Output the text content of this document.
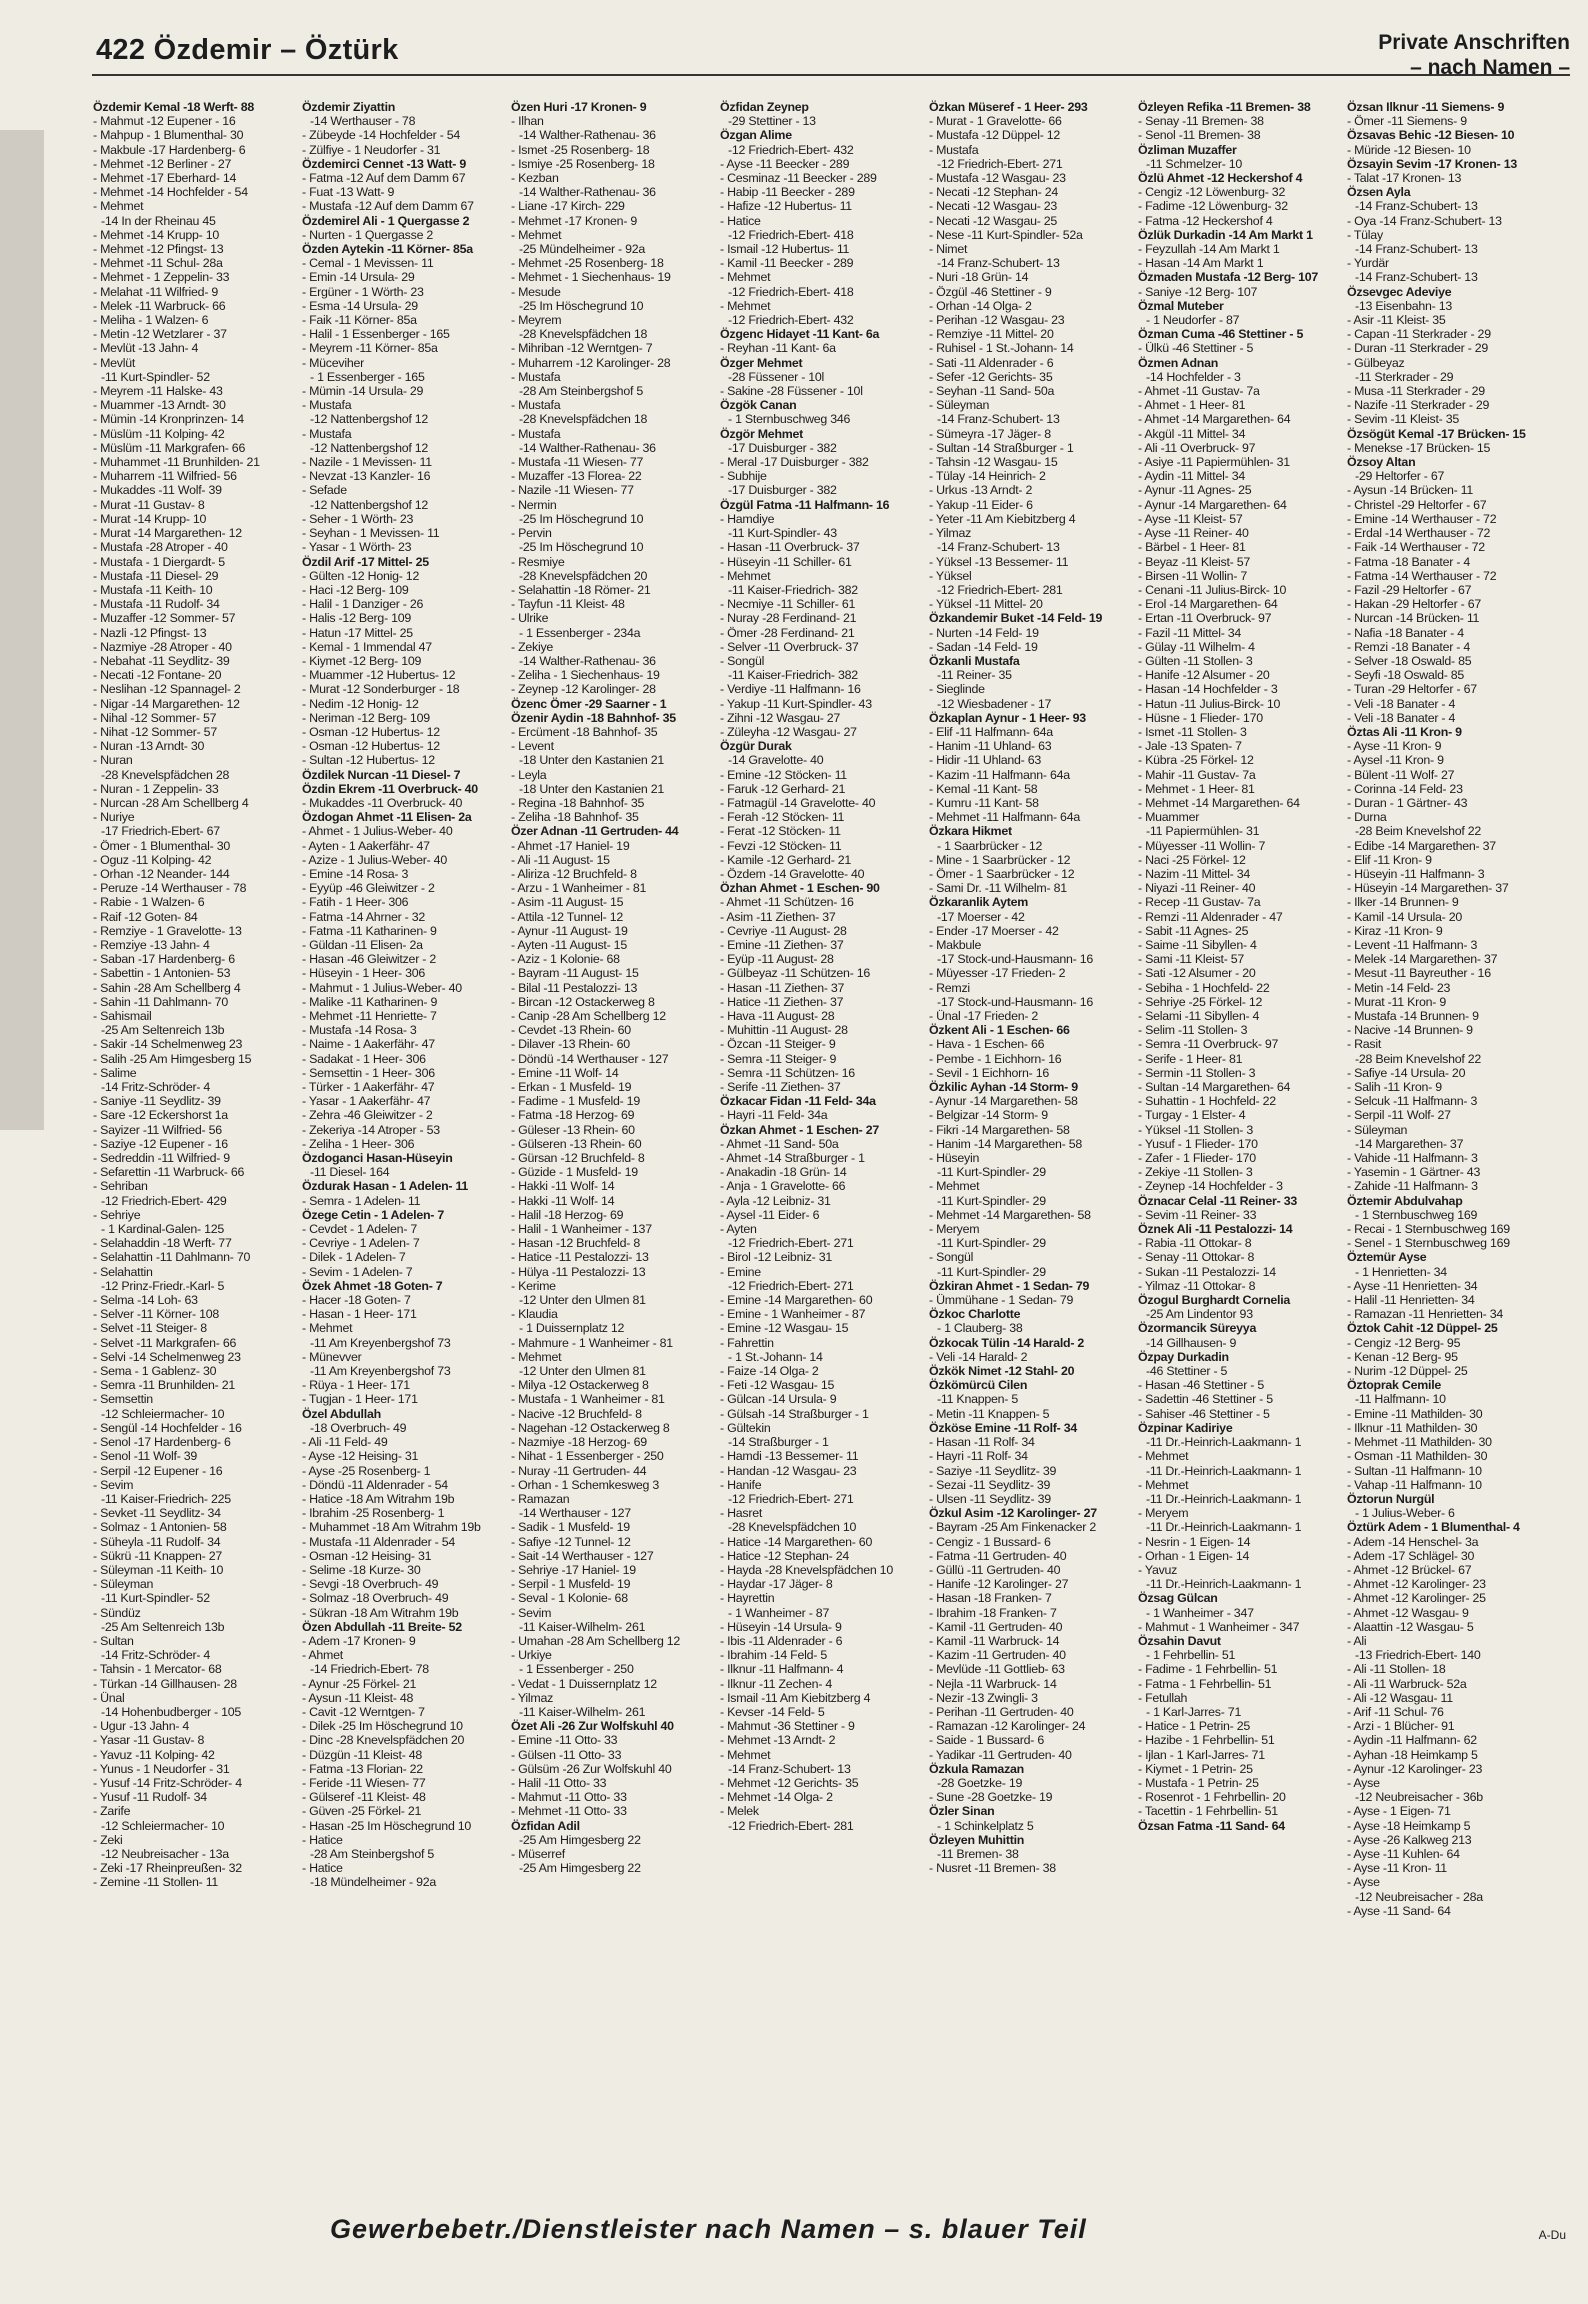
422 Özdemir – Öztürk	Private Anschriften
– nach Namen –
Özdemir Kemal -18 Werft- 88
- Mahmut -12 Eupener - 16
- Mahpup - 1 Blumenthal- 30
- Makbule -17 Hardenberg- 6
- Mehmet -12 Berliner - 27
- Mehmet -17 Eberhard- 14
- Mehmet -14 Hochfelder - 54
- Mehmet
-14 In der Rheinau 45
- Mehmet -14 Krupp- 10
- Mehmet -12 Pfingst- 13
- Mehmet -11 Schul- 28a
- Mehmet - 1 Zeppelin- 33
- Melahat -11 Wilfried- 9
- Melek -11 Warbruck- 66
- Meliha - 1 Walzen- 6
- Metin -12 Wetzlarer - 37
- Mevlüt -13 Jahn- 4
- Mevlüt
-11 Kurt-Spindler- 52
- Meyrem -11 Halske- 43
- Muammer -13 Arndt- 30
- Mümin -14 Kronprinzen- 14
- Müslüm -11 Kolping- 42
- Müslüm -11 Markgrafen- 66
- Muhammet -11 Brunhilden- 21
- Muharrem -11 Wilfried- 56
- Mukaddes -11 Wolf- 39
- Murat -11 Gustav- 8
- Murat -14 Krupp- 10
- Murat -14 Margarethen- 12
- Mustafa -28 Atroper - 40
- Mustafa - 1 Diergardt- 5
- Mustafa -11 Diesel- 29
- Mustafa -11 Keith- 10
- Mustafa -11 Rudolf- 34
- Muzaffer -12 Sommer- 57
- Nazli -12 Pfingst- 13
- Nazmiye -28 Atroper - 40
- Nebahat -11 Seydlitz- 39
- Necati -12 Fontane- 20
- Neslihan -12 Spannagel- 2
- Nigar -14 Margarethen- 12
- Nihal -12 Sommer- 57
- Nihat -12 Sommer- 57
- Nuran -13 Arndt- 30
- Nuran
-28 Knevelspfädchen 28
- Nuran - 1 Zeppelin- 33
- Nurcan -28 Am Schellberg 4
- Nuriye
-17 Friedrich-Ebert- 67
- Ömer - 1 Blumenthal- 30
- Oguz -11 Kolping- 42
- Orhan -12 Neander- 144
- Peruze -14 Werthauser - 78
- Rabie - 1 Walzen- 6
- Raif -12 Goten- 84
- Remziye - 1 Gravelotte- 13
- Remziye -13 Jahn- 4
- Saban -17 Hardenberg- 6
- Sabettin - 1 Antonien- 53
- Sahin -28 Am Schellberg 4
- Sahin -11 Dahlmann- 70
- Sahismail
-25 Am Seltenreich 13b
- Sakir -14 Schelmenweg 23
- Salih -25 Am Himgesberg 15
- Salime
-14 Fritz-Schröder- 4
- Saniye -11 Seydlitz- 39
- Sare -12 Eckershorst 1a
- Sayizer -11 Wilfried- 56
- Saziye -12 Eupener - 16
- Sedreddin -11 Wilfried- 9
- Sefarettin -11 Warbruck- 66
- Sehriban
-12 Friedrich-Ebert- 429
- Sehriye
- 1 Kardinal-Galen- 125
- Selahaddin -18 Werft- 77
- Selahattin -11 Dahlmann- 70
- Selahattin
-12 Prinz-Friedr.-Karl- 5
- Selma -14 Loh- 63
- Selver -11 Körner- 108
- Selvet -11 Steiger- 8
- Selvet -11 Markgrafen- 66
- Selvi -14 Schelmenweg 23
- Sema - 1 Gablenz- 30
- Semra -11 Brunhilden- 21
- Semsettin
-12 Schleiermacher- 10
- Sengül -14 Hochfelder - 16
- Senol -17 Hardenberg- 6
- Senol -11 Wolf- 39
- Serpil -12 Eupener - 16
- Sevim
-11 Kaiser-Friedrich- 225
- Sevket -11 Seydlitz- 34
- Solmaz - 1 Antonien- 58
- Süheyla -11 Rudolf- 34
- Sükrü -11 Knappen- 27
- Süleyman -11 Keith- 10
- Süleyman
-11 Kurt-Spindler- 52
- Sündüz
-25 Am Seltenreich 13b
- Sultan
-14 Fritz-Schröder- 4
- Tahsin - 1 Mercator- 68
- Türkan -14 Gillhausen- 28
- Ünal
-14 Hohenbudberger - 105
- Ugur -13 Jahn- 4
- Yasar -11 Gustav- 8
- Yavuz -11 Kolping- 42
- Yunus - 1 Neudorfer - 31
- Yusuf -14 Fritz-Schröder- 4
- Yusuf -11 Rudolf- 34
- Zarife
-12 Schleiermacher- 10
- Zeki
-12 Neubreisacher - 13a
- Zeki -17 Rheinpreußen- 32
- Zemine -11 Stollen- 11
Özdemir Ziyattin
-14 Werthauser - 78
- Zübeyde -14 Hochfelder - 54
- Zülfiye - 1 Neudorfer - 31
Özdemirci Cennet -13 Watt- 9
- Fatma -12 Auf dem Damm 67
- Fuat -13 Watt- 9
- Mustafa -12 Auf dem Damm 67
Özdemirel Ali - 1 Quergasse 2
- Nurten - 1 Quergasse 2
Özden Aytekin -11 Körner- 85a
- Cemal - 1 Mevissen- 11
- Emin -14 Ursula- 29
- Ergüner - 1 Wörth- 23
- Esma -14 Ursula- 29
- Faik -11 Körner- 85a
- Halil - 1 Essenberger - 165
- Meyrem -11 Körner- 85a
- Müceviher
- 1 Essenberger - 165
- Mümin -14 Ursula- 29
- Mustafa
-12 Nattenbergshof 12
- Mustafa
-12 Nattenbergshof 12
- Nazile - 1 Mevissen- 11
- Nevzat -13 Kanzler- 16
- Sefade
-12 Nattenbergshof 12
- Seher - 1 Wörth- 23
- Seyhan - 1 Mevissen- 11
- Yasar - 1 Wörth- 23
Özdil Arif -17 Mittel- 25
- Gülten -12 Honig- 12
- Haci -12 Berg- 109
- Halil - 1 Danziger - 26
- Halis -12 Berg- 109
- Hatun -17 Mittel- 25
- Kemal - 1 Immendal 47
- Kiymet -12 Berg- 109
- Muammer -12 Hubertus- 12
- Murat -12 Sonderburger - 18
- Nedim -12 Honig- 12
- Neriman -12 Berg- 109
- Osman -12 Hubertus- 12
- Osman -12 Hubertus- 12
- Sultan -12 Hubertus- 12
Özdilek Nurcan -11 Diesel- 7
Özdin Ekrem -11 Overbruck- 40
- Mukaddes -11 Overbruck- 40
Özdogan Ahmet -11 Elisen- 2a
- Ahmet - 1 Julius-Weber- 40
- Ayten - 1 Aakerfähr- 47
- Azize - 1 Julius-Weber- 40
- Emine -14 Rosa- 3
- Eyyüp -46 Gleiwitzer - 2
- Fatih - 1 Heer- 306
- Fatma -14 Ahrner - 32
- Fatma -11 Katharinen- 9
- Güldan -11 Elisen- 2a
- Hasan -46 Gleiwitzer - 2
- Hüseyin - 1 Heer- 306
- Mahmut - 1 Julius-Weber- 40
- Malike -11 Katharinen- 9
- Mehmet -11 Henriette- 7
- Mustafa -14 Rosa- 3
- Naime - 1 Aakerfähr- 47
- Sadakat - 1 Heer- 306
- Semsettin - 1 Heer- 306
- Türker - 1 Aakerfähr- 47
- Yasar - 1 Aakerfähr- 47
- Zehra -46 Gleiwitzer - 2
- Zekeriya -14 Atroper - 53
- Zeliha - 1 Heer- 306
Özdoganci Hasan-Hüseyin
-11 Diesel- 164
Özdurak Hasan - 1 Adelen- 11
- Semra - 1 Adelen- 11
Özege Cetin - 1 Adelen- 7
- Cevdet - 1 Adelen- 7
- Cevriye - 1 Adelen- 7
- Dilek - 1 Adelen- 7
- Sevim - 1 Adelen- 7
Özek Ahmet -18 Goten- 7
- Hacer -18 Goten- 7
- Hasan - 1 Heer- 171
- Mehmet
-11 Am Kreyenbergshof 73
- Münevver
-11 Am Kreyenbergshof 73
- Rüya - 1 Heer- 171
- Tugjan - 1 Heer- 171
Özel Abdullah
-18 Overbruch- 49
- Ali -11 Feld- 49
- Ayse -12 Heising- 31
- Ayse -25 Rosenberg- 1
- Döndü -11 Aldenrader - 54
- Hatice -18 Am Witrahm 19b
- Ibrahim -25 Rosenberg- 1
- Muhammet -18 Am Witrahm 19b
- Mustafa -11 Aldenrader - 54
- Osman -12 Heising- 31
- Selime -18 Kurze- 30
- Sevgi -18 Overbruch- 49
- Solmaz -18 Overbruch- 49
- Sükran -18 Am Witrahm 19b
Özen Abdullah -11 Breite- 52
- Adem -17 Kronen- 9
- Ahmet
-14 Friedrich-Ebert- 78
- Aynur -25 Förkel- 21
- Aysun -11 Kleist- 48
- Cavit -12 Werntgen- 7
- Dilek -25 Im Höschegrund 10
- Dinc -28 Knevelspfädchen 20
- Düzgün -11 Kleist- 48
- Fatma -13 Florian- 22
- Feride -11 Wiesen- 77
- Gülseref -11 Kleist- 48
- Güven -25 Förkel- 21
- Hasan -25 Im Höschegrund 10
- Hatice
-28 Am Steinbergshof 5
- Hatice
-18 Mündelheimer - 92a
Özen Huri -17 Kronen- 9
- Ilhan
-14 Walther-Rathenau- 36
- Ismet -25 Rosenberg- 18
- Ismiye -25 Rosenberg- 18
- Kezban
-14 Walther-Rathenau- 36
- Liane -17 Kirch- 229
- Mehmet -17 Kronen- 9
- Mehmet
-25 Mündelheimer - 92a
- Mehmet -25 Rosenberg- 18
- Mehmet - 1 Siechenhaus- 19
- Mesude
-25 Im Höschegrund 10
- Meyrem
-28 Knevelspfädchen 18
- Mihriban -12 Werntgen- 7
- Muharrem -12 Karolinger- 28
- Mustafa
-28 Am Steinbergshof 5
- Mustafa
-28 Knevelspfädchen 18
- Mustafa
-14 Walther-Rathenau- 36
- Mustafa -11 Wiesen- 77
- Muzaffer -13 Florea- 22
- Nazile -11 Wiesen- 77
- Nermin
-25 Im Höschegrund 10
- Pervin
-25 Im Höschegrund 10
- Resmiye
-28 Knevelspfädchen 20
- Selahattin -18 Römer- 21
- Tayfun -11 Kleist- 48
- Ulrike
- 1 Essenberger - 234a
- Zekiye
-14 Walther-Rathenau- 36
- Zeliha - 1 Siechenhaus- 19
- Zeynep -12 Karolinger- 28
Özenc Ömer -29 Saarner - 1
Özenir Aydin -18 Bahnhof- 35
- Ercüment -18 Bahnhof- 35
- Levent
-18 Unter den Kastanien 21
- Leyla
-18 Unter den Kastanien 21
- Regina -18 Bahnhof- 35
- Zeliha -18 Bahnhof- 35
Özer Adnan -11 Gertruden- 44
- Ahmet -17 Haniel- 19
- Ali -11 August- 15
- Aliriza -12 Bruchfeld- 8
- Arzu - 1 Wanheimer - 81
- Asim -11 August- 15
- Attila -12 Tunnel- 12
- Aynur -11 August- 19
- Ayten -11 August- 15
- Aziz - 1 Kolonie- 68
- Bayram -11 August- 15
- Bilal -11 Pestalozzi- 13
- Bircan -12 Ostackerweg 8
- Canip -28 Am Schellberg 12
- Cevdet -13 Rhein- 60
- Dilaver -13 Rhein- 60
- Döndü -14 Werthauser - 127
- Emine -11 Wolf- 14
- Erkan - 1 Musfeld- 19
- Fadime - 1 Musfeld- 19
- Fatma -18 Herzog- 69
- Güleser -13 Rhein- 60
- Gülseren -13 Rhein- 60
- Gürsan -12 Bruchfeld- 8
- Güzide - 1 Musfeld- 19
- Hakki -11 Wolf- 14
- Hakki -11 Wolf- 14
- Halil -18 Herzog- 69
- Halil - 1 Wanheimer - 137
- Hasan -12 Bruchfeld- 8
- Hatice -11 Pestalozzi- 13
- Hülya -11 Pestalozzi- 13
- Kerime
-12 Unter den Ulmen 81
- Klaudia
- 1 Duissernplatz 12
- Mahmure - 1 Wanheimer - 81
- Mehmet
-12 Unter den Ulmen 81
- Milya -12 Ostackerweg 8
- Mustafa - 1 Wanheimer - 81
- Nacive -12 Bruchfeld- 8
- Nagehan -12 Ostackerweg 8
- Nazmiye -18 Herzog- 69
- Nihat - 1 Essenberger - 250
- Nuray -11 Gertruden- 44
- Orhan - 1 Schemkesweg 3
- Ramazan
-14 Werthauser - 127
- Sadik - 1 Musfeld- 19
- Safiye -12 Tunnel- 12
- Sait -14 Werthauser - 127
- Sehriye -17 Haniel- 19
- Serpil - 1 Musfeld- 19
- Seval - 1 Kolonie- 68
- Sevim
-11 Kaiser-Wilhelm- 261
- Umahan -28 Am Schellberg 12
- Urkiye
- 1 Essenberger - 250
- Vedat - 1 Duissernplatz 12
- Yilmaz
-11 Kaiser-Wilhelm- 261
Özet Ali -26 Zur Wolfskuhl 40
- Emine -11 Otto- 33
- Gülsen -11 Otto- 33
- Gülsüm -26 Zur Wolfskuhl 40
- Halil -11 Otto- 33
- Mahmut -11 Otto- 33
- Mehmet -11 Otto- 33
Özfidan Adil
-25 Am Himgesberg 22
- Müserref
-25 Am Himgesberg 22
Özfidan Zeynep
-29 Stettiner - 13
Özgan Alime
-12 Friedrich-Ebert- 432
- Ayse -11 Beecker - 289
- Cesminaz -11 Beecker - 289
- Habip -11 Beecker - 289
- Hafize -12 Hubertus- 11
- Hatice
-12 Friedrich-Ebert- 418
- Ismail -12 Hubertus- 11
- Kamil -11 Beecker - 289
- Mehmet
-12 Friedrich-Ebert- 418
- Mehmet
-12 Friedrich-Ebert- 432
Özgenc Hidayet -11 Kant- 6a
- Reyhan -11 Kant- 6a
Özger Mehmet
-28 Füssener - 10l
- Sakine -28 Füssener - 10l
Özgök Canan
- 1 Sternbuschweg 346
Özgör Mehmet
-17 Duisburger - 382
- Meral -17 Duisburger - 382
- Subhije
-17 Duisburger - 382
Özgül Fatma -11 Halfmann- 16
- Hamdiye
-11 Kurt-Spindler- 43
- Hasan -11 Overbruck- 37
- Hüseyin -11 Schiller- 61
- Mehmet
-11 Kaiser-Friedrich- 382
- Necmiye -11 Schiller- 61
- Nuray -28 Ferdinand- 21
- Ömer -28 Ferdinand- 21
- Selver -11 Overbruck- 37
- Songül
-11 Kaiser-Friedrich- 382
- Verdiye -11 Halfmann- 16
- Yakup -11 Kurt-Spindler- 43
- Zihni -12 Wasgau- 27
- Züleyha -12 Wasgau- 27
Özgür Durak
-14 Gravelotte- 40
- Emine -12 Stöcken- 11
- Faruk -12 Gerhard- 21
- Fatmagül -14 Gravelotte- 40
- Ferah -12 Stöcken- 11
- Ferat -12 Stöcken- 11
- Fevzi -12 Stöcken- 11
- Kamile -12 Gerhard- 21
- Özdem -14 Gravelotte- 40
Özhan Ahmet - 1 Eschen- 90
- Ahmet -11 Schützen- 16
- Asim -11 Ziethen- 37
- Cevriye -11 August- 28
- Emine -11 Ziethen- 37
- Eyüp -11 August- 28
- Gülbeyaz -11 Schützen- 16
- Hasan -11 Ziethen- 37
- Hatice -11 Ziethen- 37
- Hava -11 August- 28
- Muhittin -11 August- 28
- Özcan -11 Steiger- 9
- Semra -11 Steiger- 9
- Semra -11 Schützen- 16
- Serife -11 Ziethen- 37
Özkacar Fidan -11 Feld- 34a
- Hayri -11 Feld- 34a
Özkan Ahmet - 1 Eschen- 27
- Ahmet -11 Sand- 50a
- Ahmet -14 Straßburger - 1
- Anakadin -18 Grün- 14
- Anja - 1 Gravelotte- 66
- Ayla -12 Leibniz- 31
- Aysel -11 Eider- 6
- Ayten
-12 Friedrich-Ebert- 271
- Birol -12 Leibniz- 31
- Emine
-12 Friedrich-Ebert- 271
- Emine -14 Margarethen- 60
- Emine - 1 Wanheimer - 87
- Emine -12 Wasgau- 15
- Fahrettin
- 1 St.-Johann- 14
- Faize -14 Olga- 2
- Feti -12 Wasgau- 15
- Gülcan -14 Ursula- 9
- Gülsah -14 Straßburger - 1
- Gültekin
-14 Straßburger - 1
- Hamdi -13 Bessemer- 11
- Handan -12 Wasgau- 23
- Hanife
-12 Friedrich-Ebert- 271
- Hasret
-28 Knevelspfädchen 10
- Hatice -14 Margarethen- 60
- Hatice -12 Stephan- 24
- Hayda -28 Knevelspfädchen 10
- Haydar -17 Jäger- 8
- Hayrettin
- 1 Wanheimer - 87
- Hüseyin -14 Ursula- 9
- Ibis -11 Aldenrader - 6
- Ibrahim -14 Feld- 5
- Ilknur -11 Halfmann- 4
- Ilknur -11 Zechen- 4
- Ismail -11 Am Kiebitzberg 4
- Kevser -14 Feld- 5
- Mahmut -36 Stettiner - 9
- Mehmet -13 Arndt- 2
- Mehmet
-14 Franz-Schubert- 13
- Mehmet -12 Gerichts- 35
- Mehmet -14 Olga- 2
- Melek
-12 Friedrich-Ebert- 281
Özkan Müseref - 1 Heer- 293
- Murat - 1 Gravelotte- 66
- Mustafa -12 Düppel- 12
- Mustafa
-12 Friedrich-Ebert- 271
- Mustafa -12 Wasgau- 23
- Necati -12 Stephan- 24
- Necati -12 Wasgau- 23
- Necati -12 Wasgau- 25
- Nese -11 Kurt-Spindler- 52a
- Nimet
-14 Franz-Schubert- 13
- Nuri -18 Grün- 14
- Özgül -46 Stettiner - 9
- Orhan -14 Olga- 2
- Perihan -12 Wasgau- 23
- Remziye -11 Mittel- 20
- Ruhisel - 1 St.-Johann- 14
- Sati -11 Aldenrader - 6
- Sefer -12 Gerichts- 35
- Seyhan -11 Sand- 50a
- Süleyman
-14 Franz-Schubert- 13
- Sümeyra -17 Jäger- 8
- Sultan -14 Straßburger - 1
- Tahsin -12 Wasgau- 15
- Tülay -14 Heinrich- 2
- Urkus -13 Arndt- 2
- Yakup -11 Eider- 6
- Yeter -11 Am Kiebitzberg 4
- Yilmaz
-14 Franz-Schubert- 13
- Yüksel -13 Bessemer- 11
- Yüksel
-12 Friedrich-Ebert- 281
- Yüksel -11 Mittel- 20
Özkandemir Buket -14 Feld- 19
- Nurten -14 Feld- 19
- Sadan -14 Feld- 19
Özkanli Mustafa
-11 Reiner- 35
- Sieglinde
-12 Wiesbadener - 17
Özkaplan Aynur - 1 Heer- 93
- Elif -11 Halfmann- 64a
- Hanim -11 Uhland- 63
- Hidir -11 Uhland- 63
- Kazim -11 Halfmann- 64a
- Kemal -11 Kant- 58
- Kumru -11 Kant- 58
- Mehmet -11 Halfmann- 64a
Özkara Hikmet
- 1 Saarbrücker - 12
- Mine - 1 Saarbrücker - 12
- Ömer - 1 Saarbrücker - 12
- Sami Dr. -11 Wilhelm- 81
Özkaranlik Aytem
-17 Moerser - 42
- Ender -17 Moerser - 42
- Makbule
-17 Stock-und-Hausmann- 16
- Müyesser -17 Frieden- 2
- Remzi
-17 Stock-und-Hausmann- 16
- Ünal -17 Frieden- 2
Özkent Ali - 1 Eschen- 66
- Hava - 1 Eschen- 66
- Pembe - 1 Eichhorn- 16
- Sevil - 1 Eichhorn- 16
Özkilic Ayhan -14 Storm- 9
- Aynur -14 Margarethen- 58
- Belgizar -14 Storm- 9
- Fikri -14 Margarethen- 58
- Hanim -14 Margarethen- 58
- Hüseyin
-11 Kurt-Spindler- 29
- Mehmet
-11 Kurt-Spindler- 29
- Mehmet -14 Margarethen- 58
- Meryem
-11 Kurt-Spindler- 29
- Songül
-11 Kurt-Spindler- 29
Özkiran Ahmet - 1 Sedan- 79
- Ümmühane - 1 Sedan- 79
Özkoc Charlotte
- 1 Clauberg- 38
Özkocak Tülin -14 Harald- 2
- Veli -14 Harald- 2
Özkök Nimet -12 Stahl- 20
Özkömürcü Cilen
-11 Knappen- 5
- Metin -11 Knappen- 5
Özköse Emine -11 Rolf- 34
- Hasan -11 Rolf- 34
- Hayri -11 Rolf- 34
- Saziye -11 Seydlitz- 39
- Sezai -11 Seydlitz- 39
- Ulsen -11 Seydlitz- 39
Özkul Asim -12 Karolinger- 27
- Bayram -25 Am Finkenacker 2
- Cengiz - 1 Bussard- 6
- Fatma -11 Gertruden- 40
- Güllü -11 Gertruden- 40
- Hanife -12 Karolinger- 27
- Hasan -18 Franken- 7
- Ibrahim -18 Franken- 7
- Kamil -11 Gertruden- 40
- Kamil -11 Warbruck- 14
- Kazim -11 Gertruden- 40
- Mevlüde -11 Gottlieb- 63
- Nejla -11 Warbruck- 14
- Nezir -13 Zwingli- 3
- Perihan -11 Gertruden- 40
- Ramazan -12 Karolinger- 24
- Saide - 1 Bussard- 6
- Yadikar -11 Gertruden- 40
Özkula Ramazan
-28 Goetzke- 19
- Sune -28 Goetzke- 19
Özler Sinan
- 1 Schinkelplatz 5
Özleyen Muhittin
-11 Bremen- 38
- Nusret -11 Bremen- 38
Özleyen Refika -11 Bremen- 38
- Senay -11 Bremen- 38
- Senol -11 Bremen- 38
Özliman Muzaffer
-11 Schmelzer- 10
Özlü Ahmet -12 Heckershof 4
- Cengiz -12 Löwenburg- 32
- Fadime -12 Löwenburg- 32
- Fatma -12 Heckershof 4
Özlük Durkadin -14 Am Markt 1
- Feyzullah -14 Am Markt 1
- Hasan -14 Am Markt 1
Özmaden Mustafa -12 Berg- 107
- Saniye -12 Berg- 107
Özmal Muteber
- 1 Neudorfer - 87
Özman Cuma -46 Stettiner - 5
- Ülkü -46 Stettiner - 5
Özmen Adnan
-14 Hochfelder - 3
- Ahmet -11 Gustav- 7a
- Ahmet - 1 Heer- 81
- Ahmet -14 Margarethen- 64
- Akgül -11 Mittel- 34
- Ali -11 Overbruck- 97
- Asiye -11 Papiermühlen- 31
- Aydin -11 Mittel- 34
- Aynur -11 Agnes- 25
- Aynur -14 Margarethen- 64
- Ayse -11 Kleist- 57
- Ayse -11 Reiner- 40
- Bärbel - 1 Heer- 81
- Beyaz -11 Kleist- 57
- Birsen -11 Wollin- 7
- Cenani -11 Julius-Birck- 10
- Erol -14 Margarethen- 64
- Ertan -11 Overbruck- 97
- Fazil -11 Mittel- 34
- Gülay -11 Wilhelm- 4
- Gülten -11 Stollen- 3
- Hanife -12 Alsumer - 20
- Hasan -14 Hochfelder - 3
- Hatun -11 Julius-Birck- 10
- Hüsne - 1 Flieder- 170
- Ismet -11 Stollen- 3
- Jale -13 Spaten- 7
- Kübra -25 Förkel- 12
- Mahir -11 Gustav- 7a
- Mehmet - 1 Heer- 81
- Mehmet -14 Margarethen- 64
- Muammer
-11 Papiermühlen- 31
- Müyesser -11 Wollin- 7
- Naci -25 Förkel- 12
- Nazim -11 Mittel- 34
- Niyazi -11 Reiner- 40
- Recep -11 Gustav- 7a
- Remzi -11 Aldenrader - 47
- Sabit -11 Agnes- 25
- Saime -11 Sibyllen- 4
- Sami -11 Kleist- 57
- Sati -12 Alsumer - 20
- Sebiha - 1 Hochfeld- 22
- Sehriye -25 Förkel- 12
- Selami -11 Sibyllen- 4
- Selim -11 Stollen- 3
- Semra -11 Overbruck- 97
- Serife - 1 Heer- 81
- Sermin -11 Stollen- 3
- Sultan -14 Margarethen- 64
- Suhattin - 1 Hochfeld- 22
- Turgay - 1 Elster- 4
- Yüksel -11 Stollen- 3
- Yusuf - 1 Flieder- 170
- Zafer - 1 Flieder- 170
- Zekiye -11 Stollen- 3
- Zeynep -14 Hochfelder - 3
Öznacar Celal -11 Reiner- 33
- Sevim -11 Reiner- 33
Öznek Ali -11 Pestalozzi- 14
- Rabia -11 Ottokar- 8
- Senay -11 Ottokar- 8
- Sukan -11 Pestalozzi- 14
- Yilmaz -11 Ottokar- 8
Özogul Burghardt Cornelia
-25 Am Lindentor 93
Özormancik Süreyya
-14 Gillhausen- 9
Özpay Durkadin
-46 Stettiner - 5
- Hasan -46 Stettiner - 5
- Sadettin -46 Stettiner - 5
- Sahiser -46 Stettiner - 5
Özpinar Kadiriye
-11 Dr.-Heinrich-Laakmann- 1
- Mehmet
-11 Dr.-Heinrich-Laakmann- 1
- Mehmet
-11 Dr.-Heinrich-Laakmann- 1
- Meryem
-11 Dr.-Heinrich-Laakmann- 1
- Nesrin - 1 Eigen- 14
- Orhan - 1 Eigen- 14
- Yavuz
-11 Dr.-Heinrich-Laakmann- 1
Özsag Gülcan
- 1 Wanheimer - 347
- Mahmut - 1 Wanheimer - 347
Özsahin Davut
- 1 Fehrbellin- 51
- Fadime - 1 Fehrbellin- 51
- Fatma - 1 Fehrbellin- 51
- Fetullah
- 1 Karl-Jarres- 71
- Hatice - 1 Petrin- 25
- Hazibe - 1 Fehrbellin- 51
- Ijlan - 1 Karl-Jarres- 71
- Kiymet - 1 Petrin- 25
- Mustafa - 1 Petrin- 25
- Rosenrot - 1 Fehrbellin- 20
- Tacettin - 1 Fehrbellin- 51
Özsan Fatma -11 Sand- 64
Özsan Ilknur -11 Siemens- 9
- Ömer -11 Siemens- 9
Özsavas Behic -12 Biesen- 10
- Müride -12 Biesen- 10
Özsayin Sevim -17 Kronen- 13
- Talat -17 Kronen- 13
Özsen Ayla
-14 Franz-Schubert- 13
- Oya -14 Franz-Schubert- 13
- Tülay
-14 Franz-Schubert- 13
- Yurdär
-14 Franz-Schubert- 13
Özsevgec Adeviye
-13 Eisenbahn- 13
- Asir -11 Kleist- 35
- Capan -11 Sterkrader - 29
- Duran -11 Sterkrader - 29
- Gülbeyaz
-11 Sterkrader - 29
- Musa -11 Sterkrader - 29
- Nazife -11 Sterkrader - 29
- Sevim -11 Kleist- 35
Özsögüt Kemal -17 Brücken- 15
- Menekse -17 Brücken- 15
Özsoy Altan
-29 Heltorfer - 67
- Aysun -14 Brücken- 11
- Christel -29 Heltorfer - 67
- Emine -14 Werthauser - 72
- Erdal -14 Werthauser - 72
- Faik -14 Werthauser - 72
- Fatma -18 Banater - 4
- Fatma -14 Werthauser - 72
- Fazil -29 Heltorfer - 67
- Hakan -29 Heltorfer - 67
- Nurcan -14 Brücken- 11
- Nafia -18 Banater - 4
- Remzi -18 Banater - 4
- Selver -18 Oswald- 85
- Seyfi -18 Oswald- 85
- Turan -29 Heltorfer - 67
- Veli -18 Banater - 4
- Veli -18 Banater - 4
Öztas Ali -11 Kron- 9
- Ayse -11 Kron- 9
- Aysel -11 Kron- 9
- Bülent -11 Wolf- 27
- Corinna -14 Feld- 23
- Duran - 1 Gärtner- 43
- Durna
-28 Beim Knevelshof 22
- Edibe -14 Margarethen- 37
- Elif -11 Kron- 9
- Hüseyin -11 Halfmann- 3
- Hüseyin -14 Margarethen- 37
- Ilker -14 Brunnen- 9
- Kamil -14 Ursula- 20
- Kiraz -11 Kron- 9
- Levent -11 Halfmann- 3
- Melek -14 Margarethen- 37
- Mesut -11 Bayreuther - 16
- Metin -14 Feld- 23
- Murat -11 Kron- 9
- Mustafa -14 Brunnen- 9
- Nacive -14 Brunnen- 9
- Rasit
-28 Beim Knevelshof 22
- Safiye -14 Ursula- 20
- Salih -11 Kron- 9
- Selcuk -11 Halfmann- 3
- Serpil -11 Wolf- 27
- Süleyman
-14 Margarethen- 37
- Vahide -11 Halfmann- 3
- Yasemin - 1 Gärtner- 43
- Zahide -11 Halfmann- 3
Öztemir Abdulvahap
- 1 Sternbuschweg 169
- Recai - 1 Sternbuschweg 169
- Senel - 1 Sternbuschweg 169
Öztemür Ayse
- 1 Henrietten- 34
- Ayse -11 Henrietten- 34
- Halil -11 Henrietten- 34
- Ramazan -11 Henrietten- 34
Öztok Cahit -12 Düppel- 25
- Cengiz -12 Berg- 95
- Kenan -12 Berg- 95
- Nurim -12 Düppel- 25
Öztoprak Cemile
-11 Halfmann- 10
- Emine -11 Mathilden- 30
- Ilknur -11 Mathilden- 30
- Mehmet -11 Mathilden- 30
- Osman -11 Mathilden- 30
- Sultan -11 Halfmann- 10
- Vahap -11 Halfmann- 10
Öztorun Nurgül
- 1 Julius-Weber- 6
Öztürk Adem - 1 Blumenthal- 4
- Adem -14 Henschel- 3a
- Adem -17 Schlägel- 30
- Ahmet -12 Brückel- 67
- Ahmet -12 Karolinger- 23
- Ahmet -12 Karolinger- 25
- Ahmet -12 Wasgau- 9
- Alaattin -12 Wasgau- 5
- Ali
-13 Friedrich-Ebert- 140
- Ali -11 Stollen- 18
- Ali -11 Warbruck- 52a
- Ali -12 Wasgau- 11
- Arif -11 Schul- 76
- Arzi - 1 Blücher- 91
- Aydin -11 Halfmann- 62
- Ayhan -18 Heimkamp 5
- Aynur -12 Karolinger- 23
- Ayse
-12 Neubreisacher - 36b
- Ayse - 1 Eigen- 71
- Ayse -18 Heimkamp 5
- Ayse -26 Kalkweg 213
- Ayse -11 Kuhlen- 64
- Ayse -11 Kron- 11
- Ayse
-12 Neubreisacher - 28a
- Ayse -11 Sand- 64
Gewerbebetr./Dienstleister nach Namen – s. blauer Teil	A-Du
